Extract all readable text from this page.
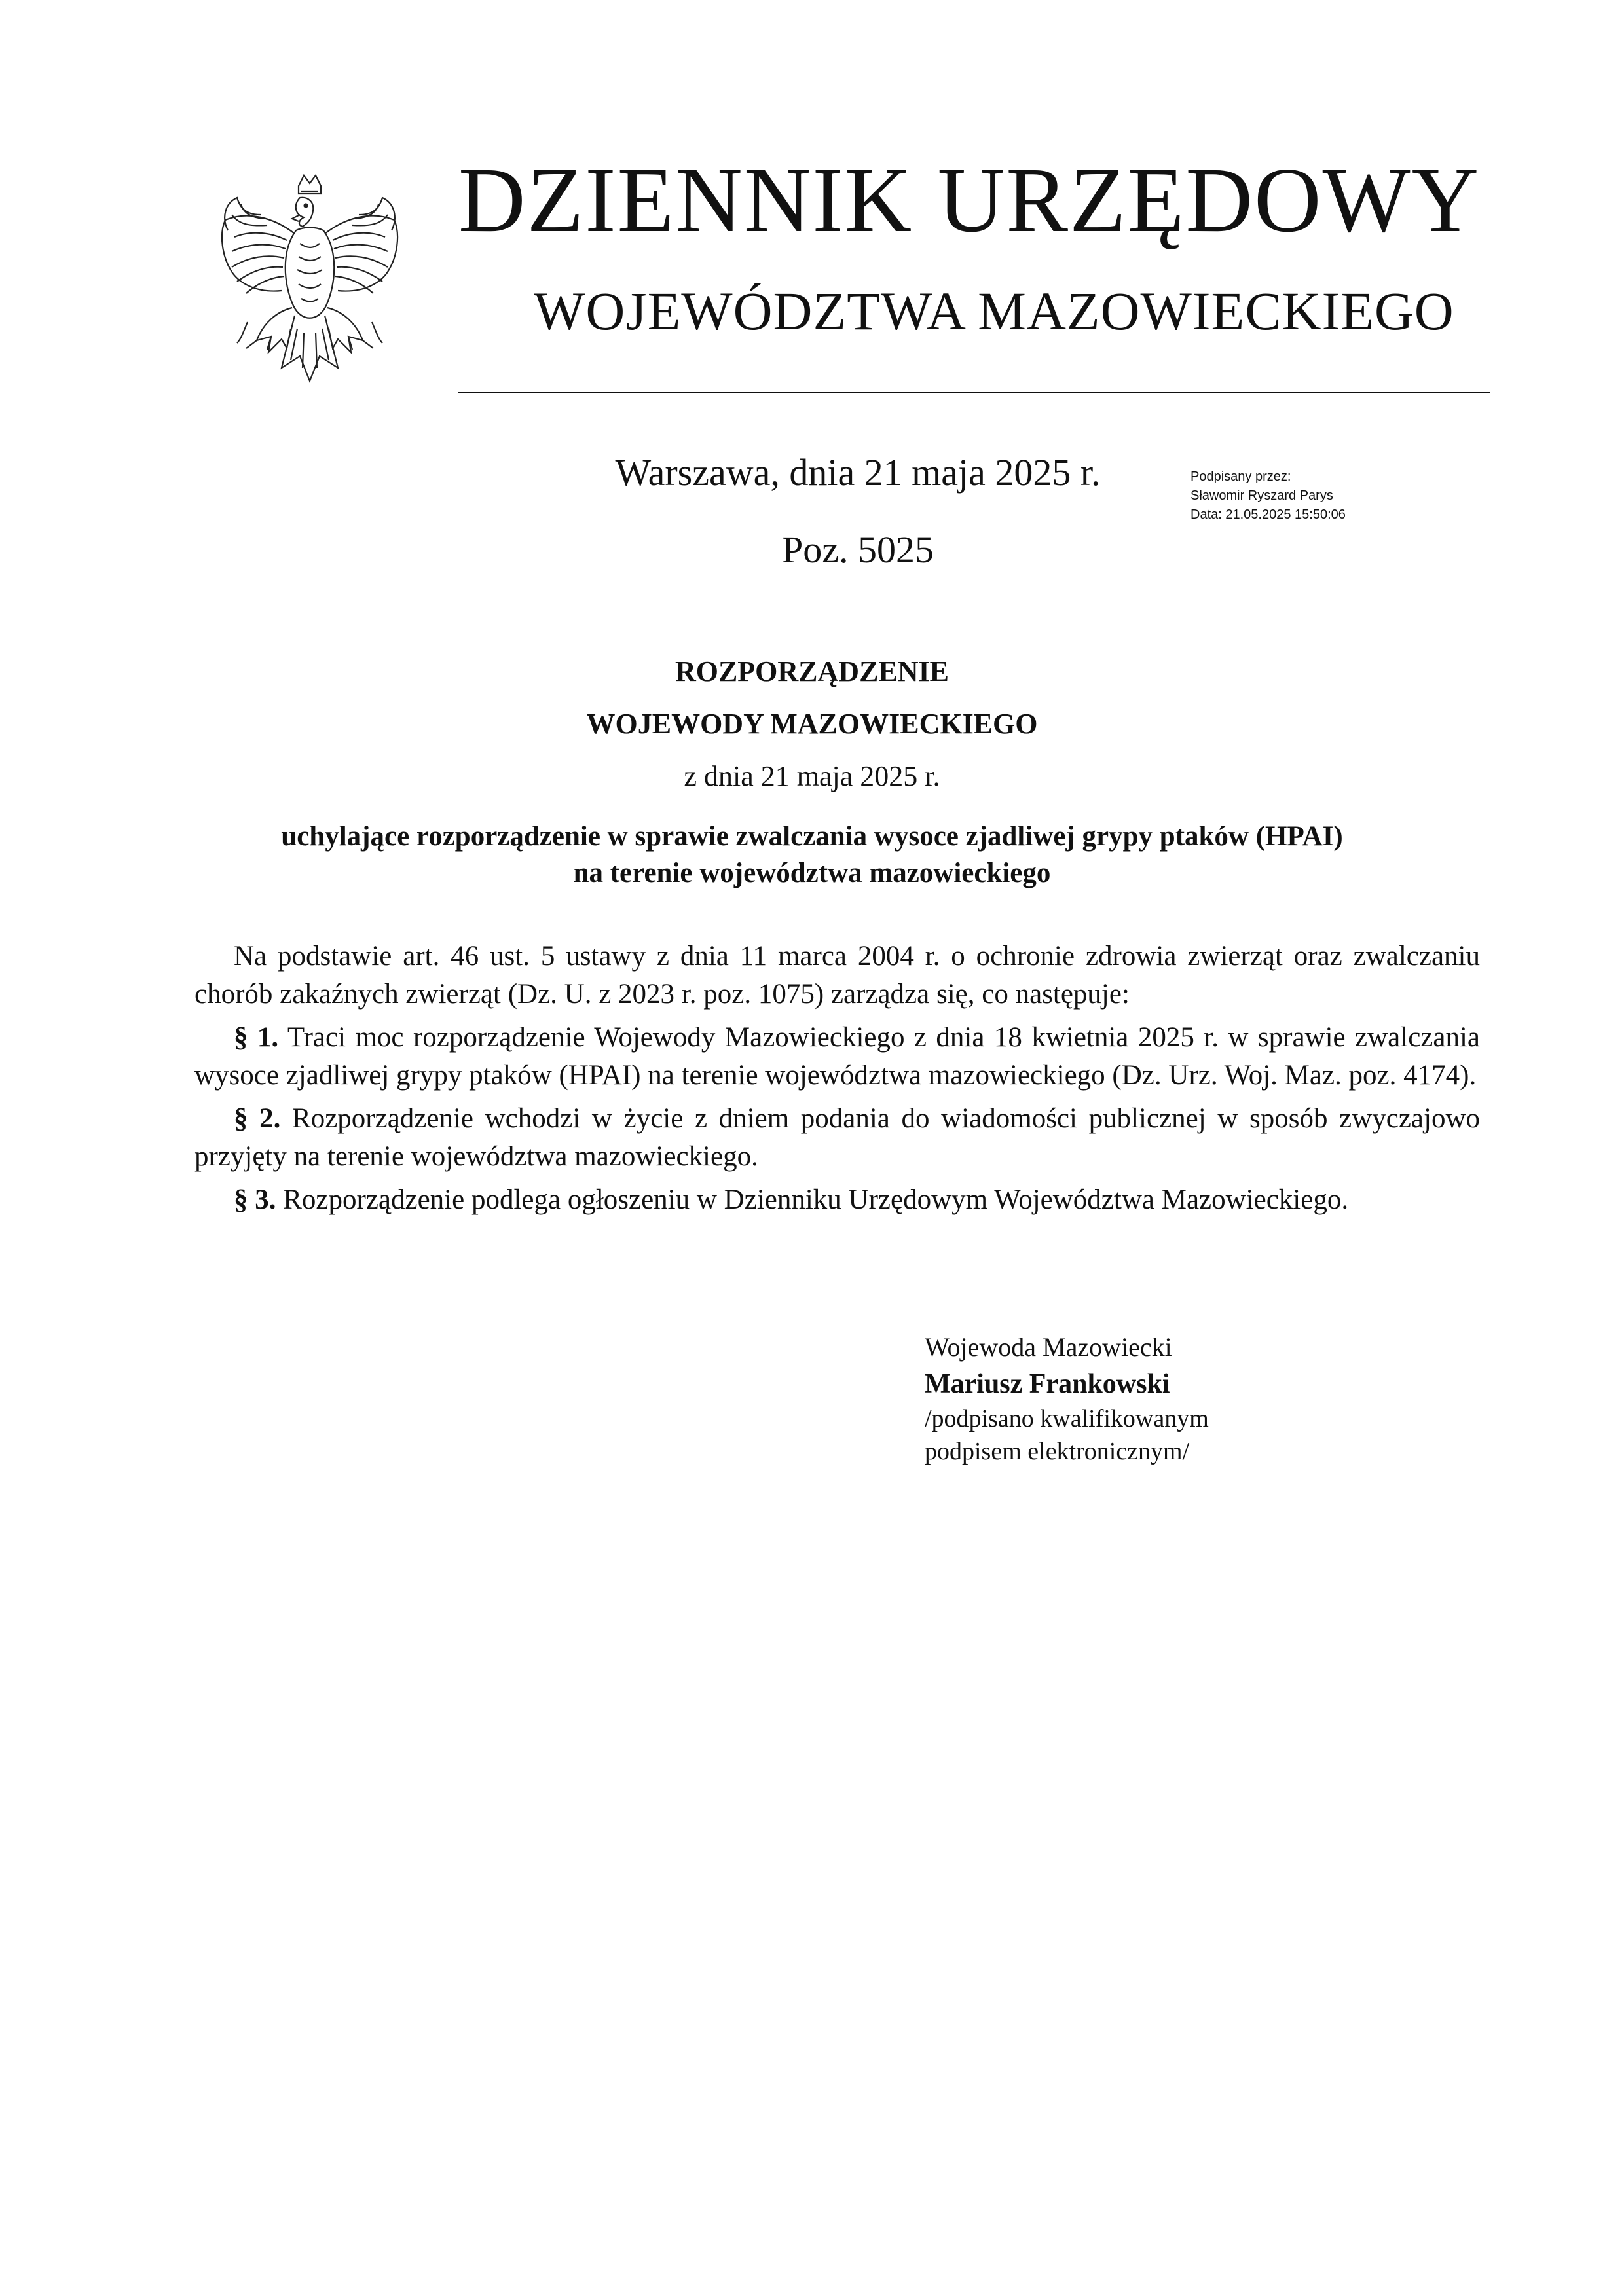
DZIENNIK URZĘDOWY
WOJEWÓDZTWA MAZOWIECKIEGO
Warszawa, dnia 21 maja 2025 r.
Poz. 5025
Podpisany przez:
Sławomir Ryszard Parys
Data: 21.05.2025 15:50:06
ROZPORZĄDZENIE
WOJEWODY MAZOWIECKIEGO
z dnia 21 maja 2025 r.
uchylające rozporządzenie w sprawie zwalczania wysoce zjadliwej grypy ptaków (HPAI)
na terenie województwa mazowieckiego

Na podstawie art. 46 ust. 5 ustawy z dnia 11 marca 2004 r. o ochronie zdrowia zwierząt oraz zwalczaniu chorób zakaźnych zwierząt (Dz. U. z 2023 r. poz. 1075) zarządza się, co następuje:

§ 1. Traci moc rozporządzenie Wojewody Mazowieckiego z dnia 18 kwietnia 2025 r. w sprawie zwalczania wysoce zjadliwej grypy ptaków (HPAI) na terenie województwa mazowieckiego (Dz. Urz. Woj. Maz. poz. 4174).

§ 2. Rozporządzenie wchodzi w życie z dniem podania do wiadomości publicznej w sposób zwyczajowo przyjęty na terenie województwa mazowieckiego.

§ 3. Rozporządzenie podlega ogłoszeniu w Dzienniku Urzędowym Województwa Mazowieckiego.

Wojewoda Mazowiecki
Mariusz Frankowski
/podpisano kwalifikowanym
podpisem elektronicznym/
